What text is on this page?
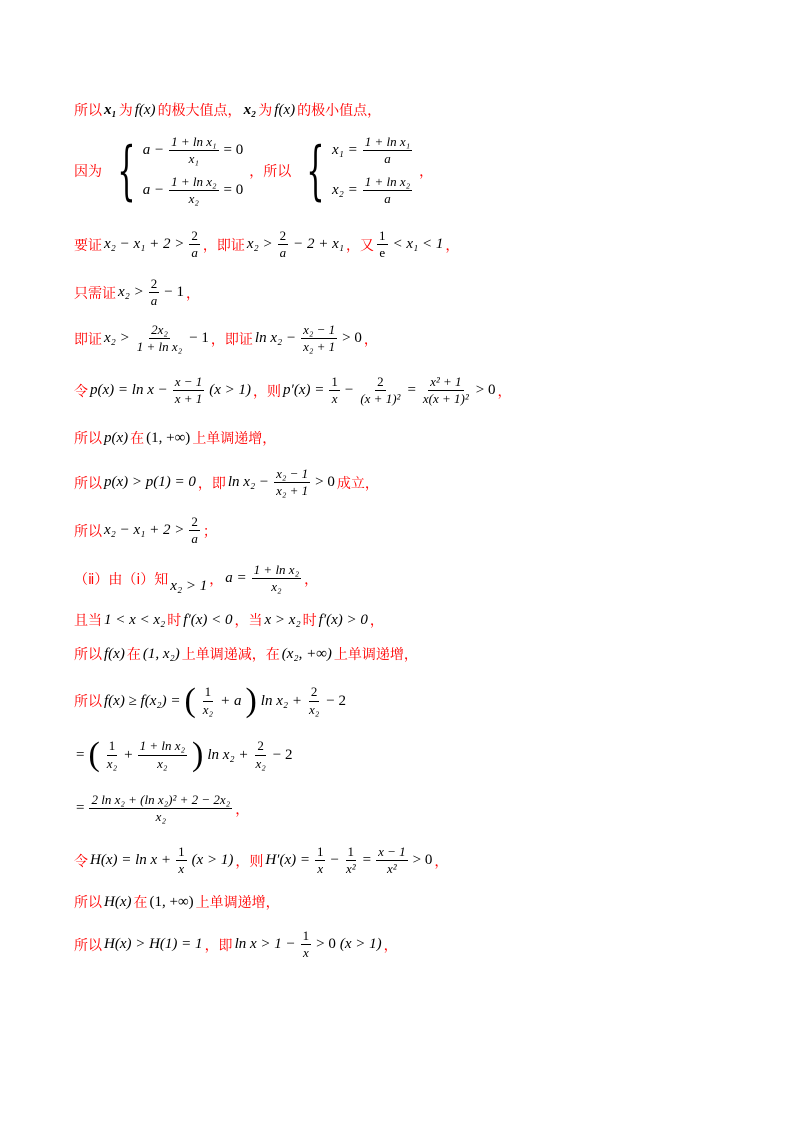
所以 x₁ 为 f(x) 的极大值点， x₂ 为 f(x) 的极小值点，
因为 { $a - \frac{\text{1 + ln x₁}}{\text{x₁}} = 0$
$a - \frac{\text{1 + ln x₂}}{\text{x₂}} = 0$
，所以 { $x_1 = \frac{\text{1 + ln x₁}}{a}$
$x_2 = \frac{\text{1 + ln x₂}}{a}$
，
要证 $x_2 - x_1 + 2 > \frac{2}{a}$ ，即证 $x_2 > \frac{2}{a} - 2 + x_1$ ，又 $\frac{1}{e} < x_1 < 1$ ，
只需证 $x_2 > \frac{2}{a} - 1$ ，
即证 $x_2 > \frac{\text{2x₂}}{\text{1 + ln x₂}} - 1$ ，即证 $\ln x_2 - \frac{\text{x₂ − 1}}{\text{x₂ + 1}} > 0$ ，
令 $p(x) = \ln x - \frac{x - 1}{x + 1} (x > 1)$ ，则 $p'(x) = \frac{1}{x} - \frac{2}{\text{(x + 1)²}} = \frac{\text{x² + 1}}{\text{x(x + 1)²}} > 0$ ，
所以 p(x) 在 (1, +∞) 上单调递增，
所以 p(x) > p(1) = 0 ，即 $\ln x_2 - \frac{\text{x₂ − 1}}{\text{x₂ + 1}} > 0$ 成立，
所以 $x_2 - x_1 + 2 > \frac{2}{a}$ ；
（ⅱ）由（ⅰ）知 x₂ > 1 ， $a = \frac{\text{1 + ln x₂}}{\text{x₂}}$ ，
且当 1 < x < x₂ 时 f′(x) < 0 ，当 x > x₂ 时 f′(x) > 0 ，
所以 f(x) 在 (1, x₂) 上单调递减，在 (x₂, +∞) 上单调递增，
所以 f(x) ≥ f(x₂) = ( $\frac{1}{\text{x₂}} + a$ ) $\ln x_2 + \frac{2}{\text{x₂}} - 2$
= ( $\frac{1}{\text{x₂}} + \frac{\text{1 + ln x₂}}{\text{x₂}}$ ) $\ln x_2 + \frac{2}{\text{x₂}} - 2$
= $\frac{\text{2 ln x₂ + (ln x₂)² + 2 − 2x₂}}{\text{x₂}}$ ，
令 $H(x) = \ln x + \frac{1}{x} (x > 1)$ ，则 $H'(x) = \frac{1}{x} - \frac{1}{\text{x²}} = \frac{x - 1}{\text{x²}} > 0$ ，
所以 H(x) 在 (1, +∞) 上单调递增，
所以 H(x) > H(1) = 1 ，即 $\ln x > 1 - \frac{1}{x} > 0$ (x > 1) ，
